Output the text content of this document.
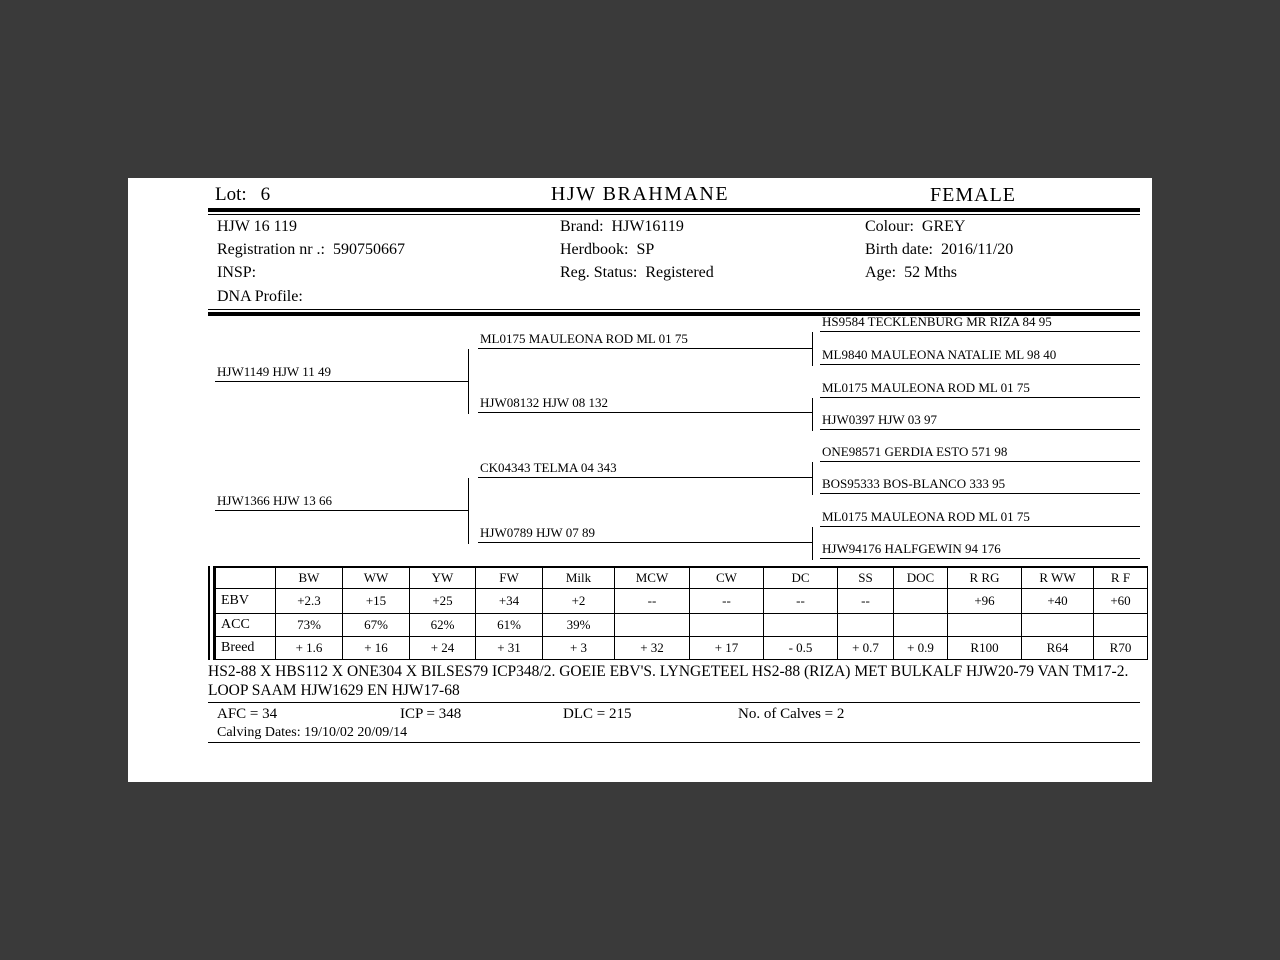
Lot: 6	HJW BRAHMANE	FEMALE
HJW 16 119
Registration nr .: 590750667
INSP:
DNA Profile:
Brand: HJW16119
Herdbook: SP
Reg. Status: Registered
Colour: GREY
Birth date: 2016/11/20
Age: 52 Mths
HJW1149 HJW 11 49
HJW1366 HJW 13 66
ML0175 MAULEONA ROD ML 01 75
HJW08132 HJW 08 132
CK04343 TELMA 04 343
HJW0789 HJW 07 89
HS9584 TECKLENBURG MR RIZA 84 95
ML9840 MAULEONA NATALIE ML 98 40
ML0175 MAULEONA ROD ML 01 75
HJW0397 HJW 03 97
ONE98571 GERDIA ESTO 571 98
BOS95333 BOS-BLANCO 333 95
ML0175 MAULEONA ROD ML 01 75
HJW94176 HALFGEWIN 94 176
	BW	WW	YW	FW	Milk	MCW	CW	DC	SS	DOC	R RG	R WW	R F
EBV	+2.3	+15	+25	+34	+2	--	--	--	--		+96	+40	+60
ACC	73%	67%	62%	61%	39%								
Breed	+ 1.6	+ 16	+ 24	+ 31	+ 3	+ 32	+ 17	- 0.5	+ 0.7	+ 0.9	R100	R64	R70
HS2-88 X HBS112 X ONE304 X BILSES79 ICP348/2. GOEIE EBV'S. LYNGETEEL HS2-88 (RIZA) MET BULKALF HJW20-79 VAN TM17-2. LOOP SAAM HJW1629 EN HJW17-68
AFC = 34	ICP = 348	DLC = 215	No. of Calves = 2
Calving Dates: 19/10/02 20/09/14
